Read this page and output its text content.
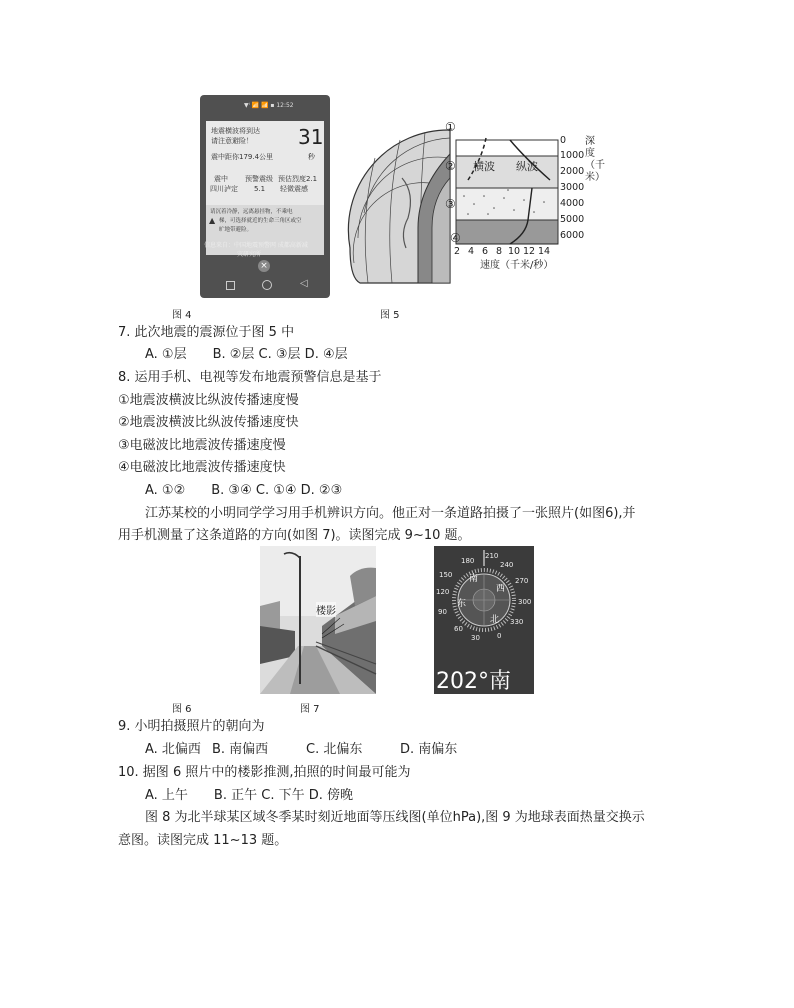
▼ⁱ 📶 📶 ▪ 12:52
地震横波将到达
请注意避险！ 31
震中距你179.4公里	秒
震中 预警震级 预估烈度2.1
四川泸定 5.1 轻微震感
▲
请沉着冷静，远离悬挂物，不乘电
梯，可选择就近的生命三角区或空
旷地带避险。
信息来自：中国地震预警网 成都高新减
灾研究所
×
◁
图 4
横波 纵波
①
②
③
④
0
1000
2000
3000
4000
5000
6000
2 4 6 8 10 12 14
速度（千米/秒）
深度（千米）
图 5
7. 此次地震的震源位于图 5 中
A. ①层　　B. ②层 C. ③层 D. ④层
8. 运用手机、电视等发布地震预警信息是基于
①地震波横波比纵波传播速度慢
②地震波横波比纵波传播速度快
③电磁波比地震波传播速度慢
④电磁波比地震波传播速度快
A. ①②　　B. ③④ C. ①④ D. ②③
江苏某校的小明同学学习用手机辨识方向。他正对一条道路拍摄了一张照片(如图6),并
用手机测量了这条道路的方向(如图 7)。读图完成 9~10 题。
楼影
图 6
210
180	240
150
270
120
300
90
330
60
30 0
南
西
东
北
202°南
图 7
9. 小明拍摄照片的朝向为
A. 北偏西 B. 南偏西	C. 北偏东	D. 南偏东
10. 据图 6 照片中的楼影推测,拍照的时间最可能为
A. 上午　　B. 正午 C. 下午 D. 傍晚
图 8 为北半球某区域冬季某时刻近地面等压线图(单位hPa),图 9 为地球表面热量交换示
意图。读图完成 11~13 题。
